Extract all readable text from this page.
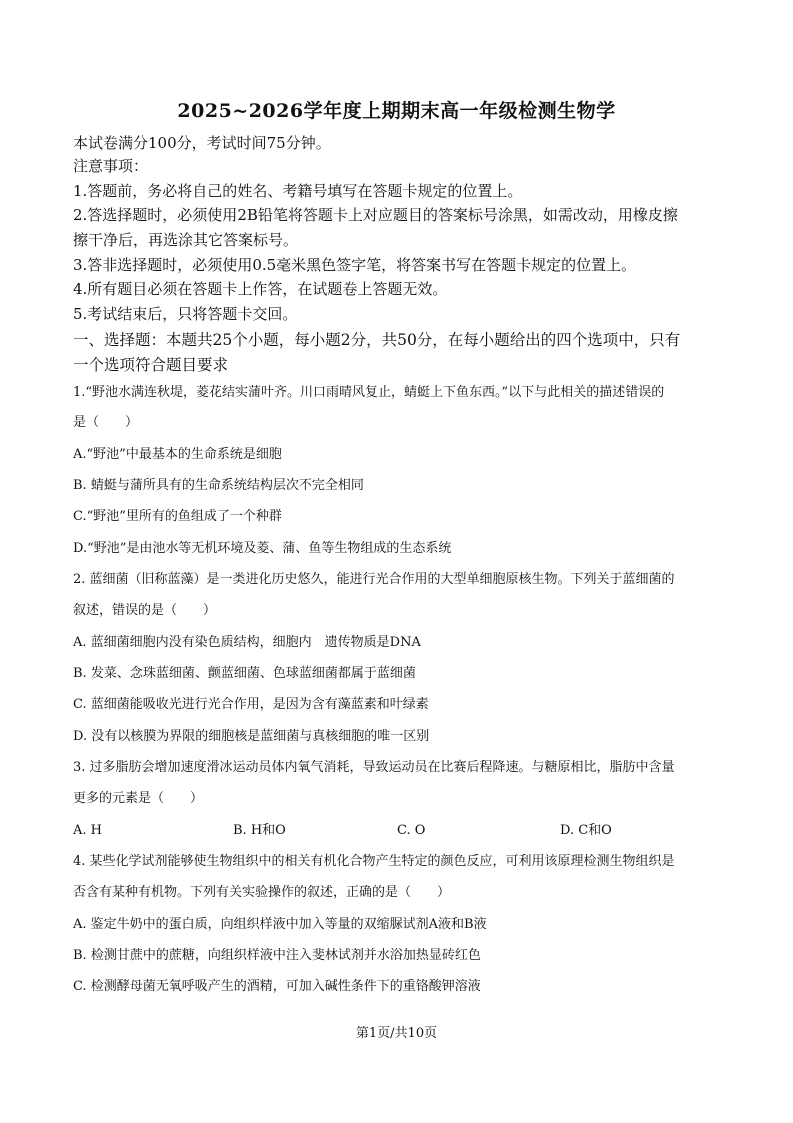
2025~2026学年度上期期末高一年级检测生物学
本试卷满分100分，考试时间75分钟。
注意事项：
1.答题前，务必将自己的姓名、考籍号填写在答题卡规定的位置上。
2.答选择题时，必须使用2B铅笔将答题卡上对应题目的答案标号涂黑，如需改动，用橡皮擦
擦干净后，再选涂其它答案标号。
3.答非选择题时，必须使用0.5毫米黑色签字笔，将答案书写在答题卡规定的位置上。
4.所有题目必须在答题卡上作答，在试题卷上答题无效。
5.考试结束后，只将答题卡交回。
一、选择题：本题共25个小题，每小题2分，共50分，在每小题给出的四个选项中，只有
一个选项符合题目要求
1.“野池水满连秋堤，菱花结实蒲叶齐。川口雨晴风复止，蜻蜓上下鱼东西。”以下与此相关的描述错误的
是（　　）
A.“野池”中最基本的生命系统是细胞
B. 蜻蜓与蒲所具有的生命系统结构层次不完全相同
C.“野池”里所有的鱼组成了一个种群
D.“野池”是由池水等无机环境及菱、蒲、鱼等生物组成的生态系统
2. 蓝细菌（旧称蓝藻）是一类进化历史悠久，能进行光合作用的大型单细胞原核生物。下列关于蓝细菌的
叙述，错误的是（　　）
A. 蓝细菌细胞内没有染色质结构，细胞内　遗传物质是DNA
B. 发菜、念珠蓝细菌、颤蓝细菌、色球蓝细菌都属于蓝细菌
C. 蓝细菌能吸收光进行光合作用，是因为含有藻蓝素和叶绿素
D. 没有以核膜为界限的细胞核是蓝细菌与真核细胞的唯一区别
3. 过多脂肪会增加速度滑冰运动员体内氧气消耗，导致运动员在比赛后程降速。与糖原相比，脂肪中含量
更多的元素是（　　）
A. H	B. H和O	C. O	D. C和O
4. 某些化学试剂能够使生物组织中的相关有机化合物产生特定的颜色反应，可利用该原理检测生物组织是
否含有某种有机物。下列有关实验操作的叙述，正确的是（　　）
A. 鉴定牛奶中的蛋白质，向组织样液中加入等量的双缩脲试剂A液和B液
B. 检测甘蔗中的蔗糖，向组织样液中注入斐林试剂并水浴加热显砖红色
C. 检测酵母菌无氧呼吸产生的酒精，可加入碱性条件下的重铬酸钾溶液
第1页/共10页
